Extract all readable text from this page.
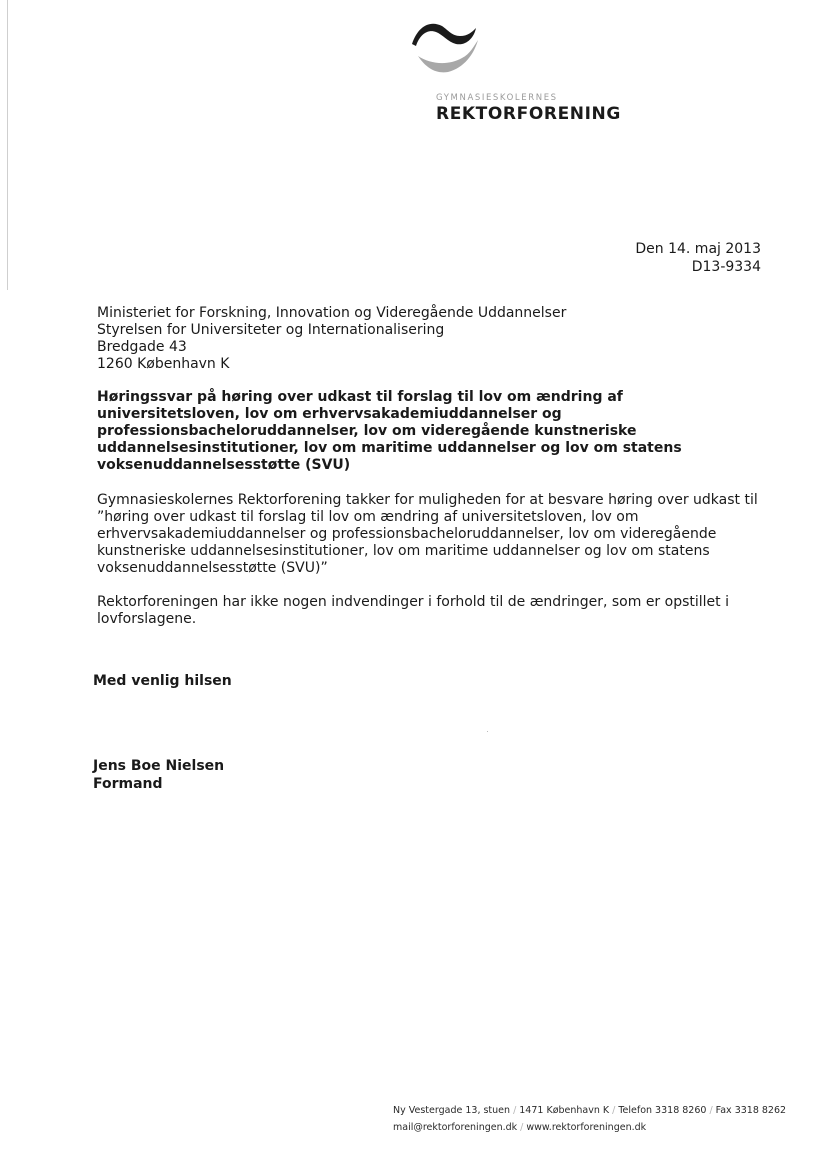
GYMNASIESKOLERNES
REKTORFORENING
Den 14. maj 2013
D13-9334
Ministeriet for Forskning, Innovation og Videregående Uddannelser
Styrelsen for Universiteter og Internationalisering
Bredgade 43
1260 København K
Høringssvar på høring over udkast til forslag til lov om ændring af universitetsloven, lov om erhvervsakademiuddannelser og professionsbacheloruddannelser, lov om videregående kunstneriske uddannelsesinstitutioner, lov om maritime uddannelser og lov om statens voksenuddannelsesstøtte (SVU)
Gymnasieskolernes Rektorforening takker for muligheden for at besvare høring over udkast til ”høring over udkast til forslag til lov om ændring af universitetsloven, lov om erhvervsakademiuddannelser og professionsbacheloruddannelser, lov om videregående kunstneriske uddannelsesinstitutioner, lov om maritime uddannelser og lov om statens voksenuddannelsesstøtte (SVU)”
Rektorforeningen har ikke nogen indvendinger i forhold til de ændringer, som er opstillet i lovforslagene.
Med venlig hilsen
Jens Boe Nielsen
Formand
Ny Vestergade 13, stuen / 1471 København K / Telefon 3318 8260 / Fax 3318 8262
mail@rektorforeningen.dk / www.rektorforeningen.dk
